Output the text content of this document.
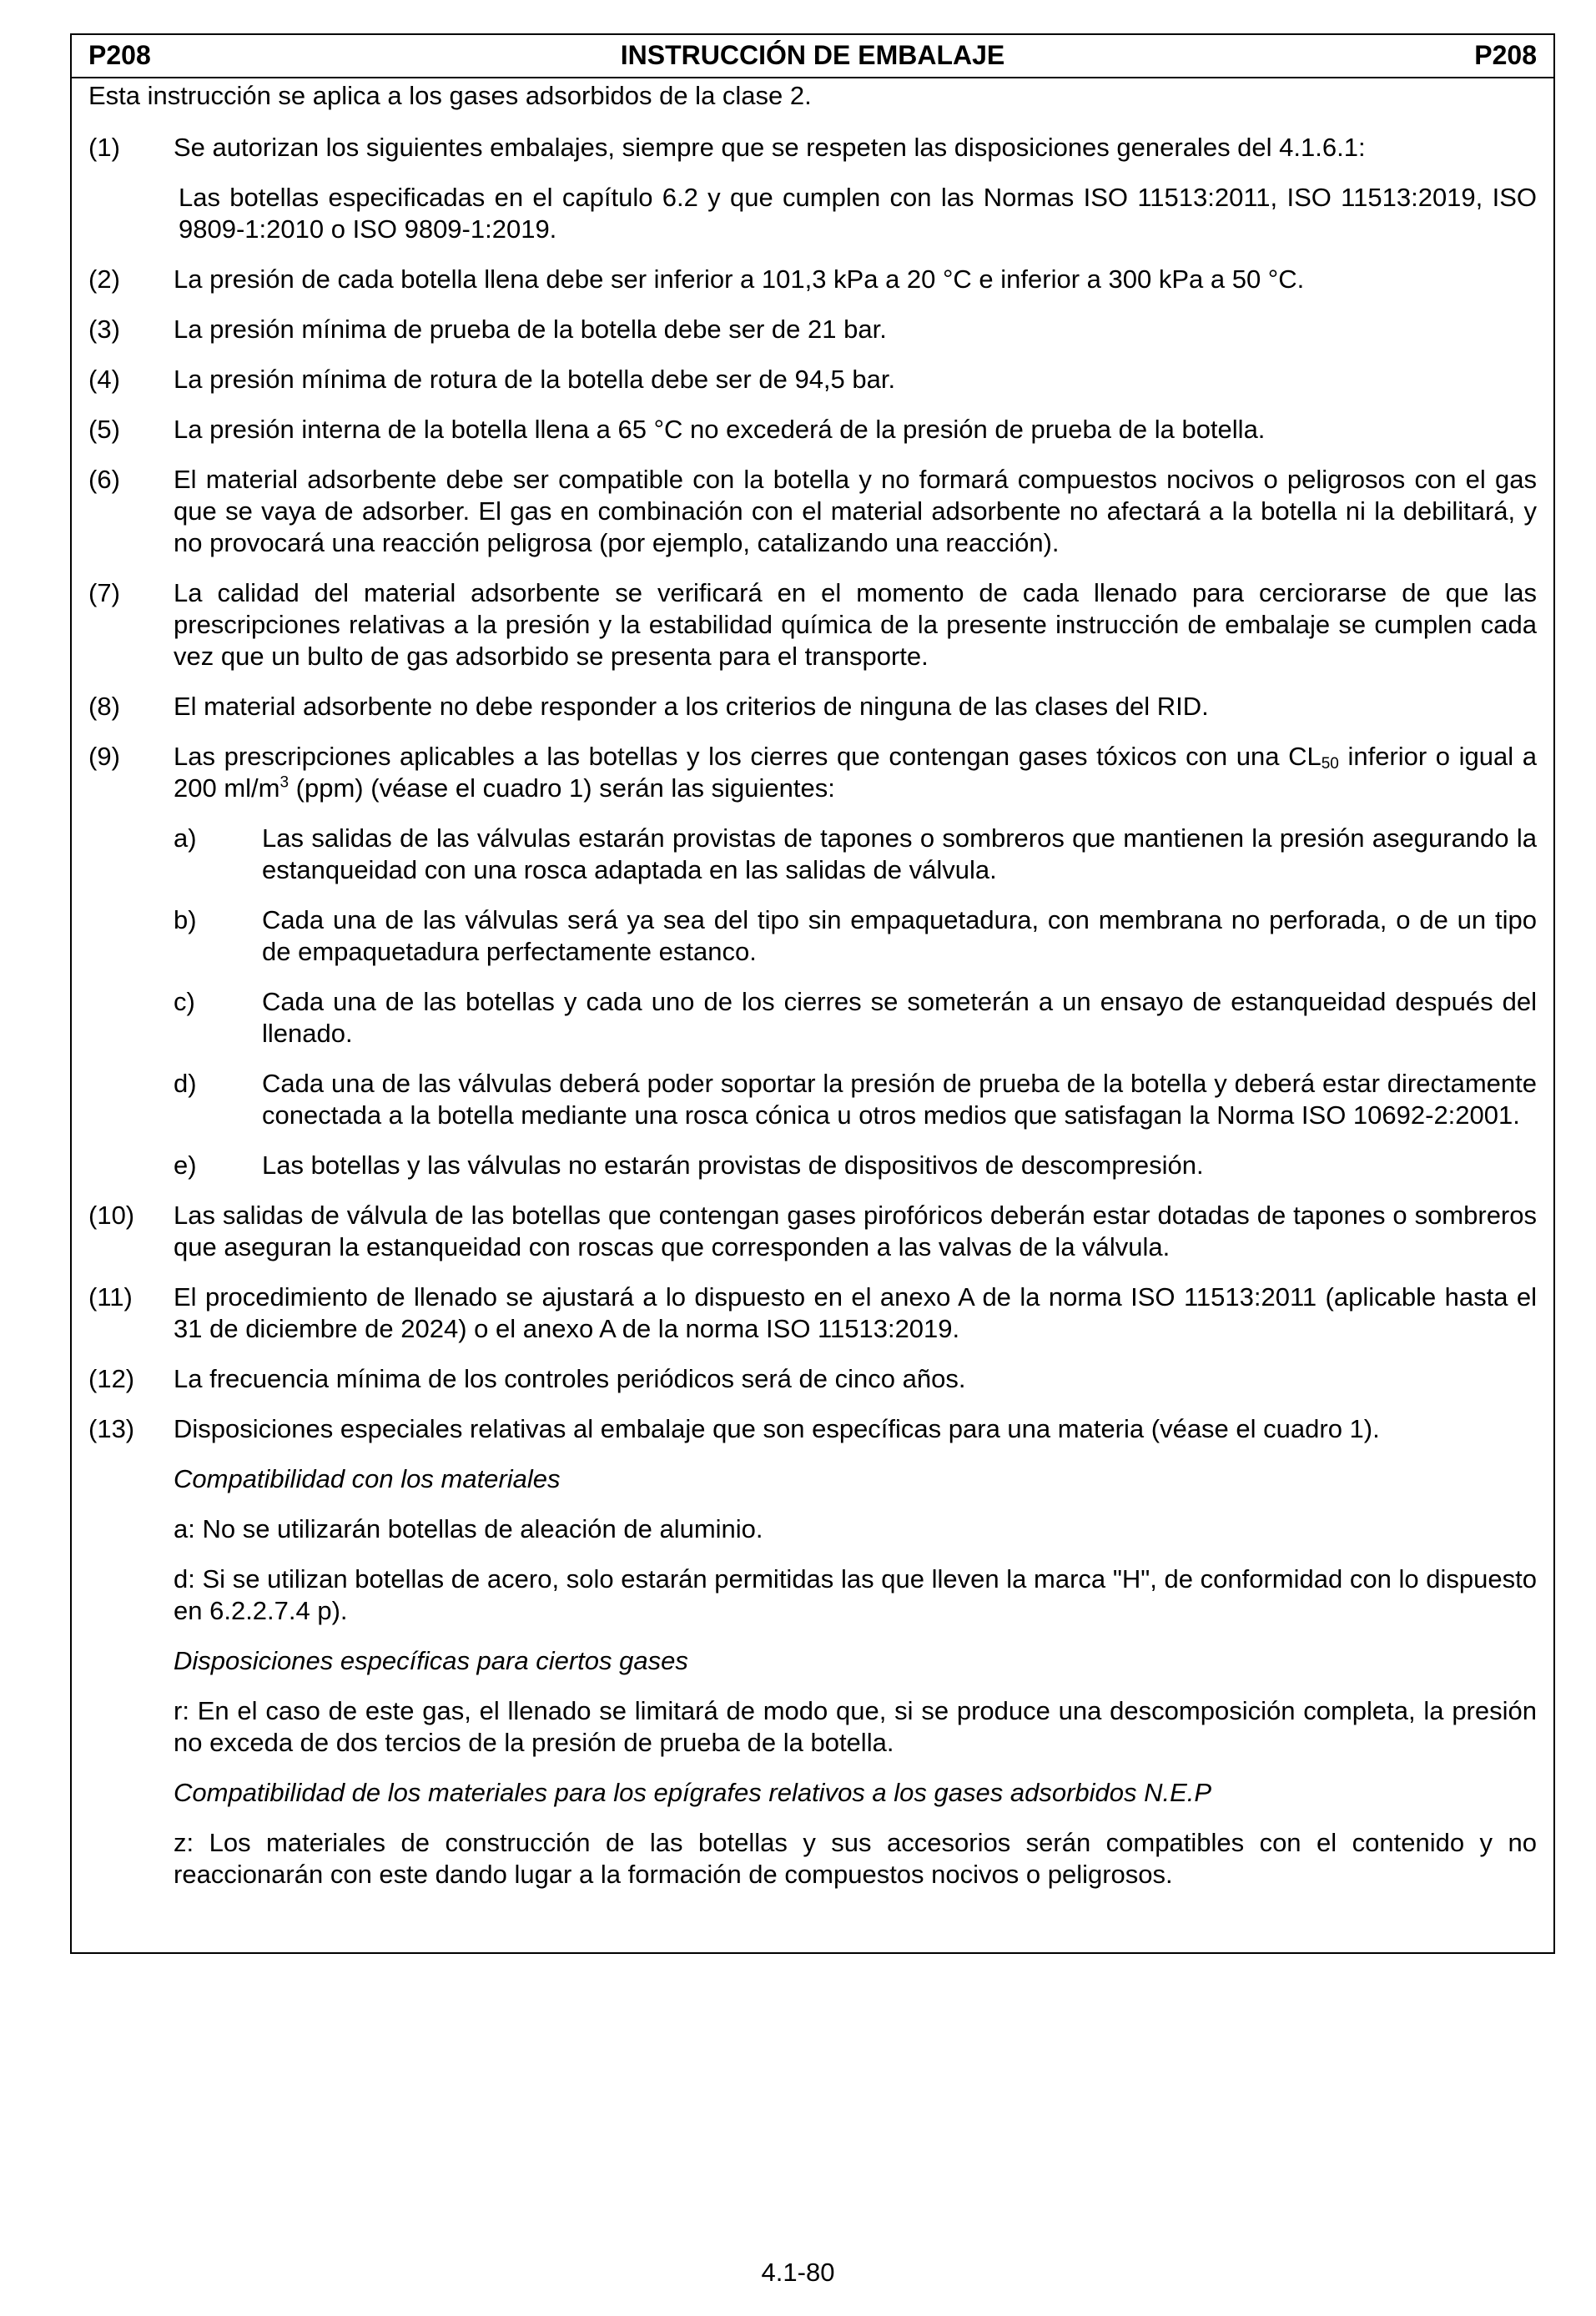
P208	INSTRUCCIÓN DE EMBALAJE	P208
Esta instrucción se aplica a los gases adsorbidos de la clase 2.
(1) Se autorizan los siguientes embalajes, siempre que se respeten las disposiciones generales del 4.1.6.1:
Las botellas especificadas en el capítulo 6.2 y que cumplen con las Normas ISO 11513:2011, ISO 11513:2019, ISO 9809-1:2010 o ISO 9809-1:2019.
(2) La presión de cada botella llena debe ser inferior a 101,3 kPa a 20 °C e inferior a 300 kPa a 50 °C.
(3) La presión mínima de prueba de la botella debe ser de 21 bar.
(4) La presión mínima de rotura de la botella debe ser de 94,5 bar.
(5) La presión interna de la botella llena a 65 °C no excederá de la presión de prueba de la botella.
(6) El material adsorbente debe ser compatible con la botella y no formará compuestos nocivos o peligrosos con el gas que se vaya de adsorber. El gas en combinación con el material adsorbente no afectará a la botella ni la debilitará, y no provocará una reacción peligrosa (por ejemplo, catalizando una reacción).
(7) La calidad del material adsorbente se verificará en el momento de cada llenado para cerciorarse de que las prescripciones relativas a la presión y la estabilidad química de la presente instrucción de embalaje se cumplen cada vez que un bulto de gas adsorbido se presenta para el transporte.
(8) El material adsorbente no debe responder a los criterios de ninguna de las clases del RID.
(9) Las prescripciones aplicables a las botellas y los cierres que contengan gases tóxicos con una $CL_{50}$ inferior o igual a 200 $ml/m^3$ (ppm) (véase el cuadro 1) serán las siguientes:
a)	Las salidas de las válvulas estarán provistas de tapones o sombreros que mantienen la presión asegurando la estanqueidad con una rosca adaptada en las salidas de válvula.
b)	Cada una de las válvulas será ya sea del tipo sin empaquetadura, con membrana no perforada, o de un tipo de empaquetadura perfectamente estanco.
c)	Cada una de las botellas y cada uno de los cierres se someterán a un ensayo de estanqueidad después del llenado.
d)	Cada una de las válvulas deberá poder soportar la presión de prueba de la botella y deberá estar directamente conectada a la botella mediante una rosca cónica u otros medios que satisfagan la Norma ISO 10692-2:2001.
e)	Las botellas y las válvulas no estarán provistas de dispositivos de descompresión.
(10) Las salidas de válvula de las botellas que contengan gases pirofóricos deberán estar dotadas de tapones o sombreros que aseguran la estanqueidad con roscas que corresponden a las valvas de la válvula.
(11) El procedimiento de llenado se ajustará a lo dispuesto en el anexo A de la norma ISO 11513:2011 (aplicable hasta el 31 de diciembre de 2024) o el anexo A de la norma ISO 11513:2019.
(12) La frecuencia mínima de los controles periódicos será de cinco años.
(13) Disposiciones especiales relativas al embalaje que son específicas para una materia (véase el cuadro 1).
Compatibilidad con los materiales
a: No se utilizarán botellas de aleación de aluminio.
d: Si se utilizan botellas de acero, solo estarán permitidas las que lleven la marca "H", de conformidad con lo dispuesto en 6.2.2.7.4 p).
Disposiciones específicas para ciertos gases
r: En el caso de este gas, el llenado se limitará de modo que, si se produce una descomposición completa, la presión no exceda de dos tercios de la presión de prueba de la botella.
Compatibilidad de los materiales para los epígrafes relativos a los gases adsorbidos N.E.P
z: Los materiales de construcción de las botellas y sus accesorios serán compatibles con el contenido y no reaccionarán con este dando lugar a la formación de compuestos nocivos o peligrosos.
4.1-80
